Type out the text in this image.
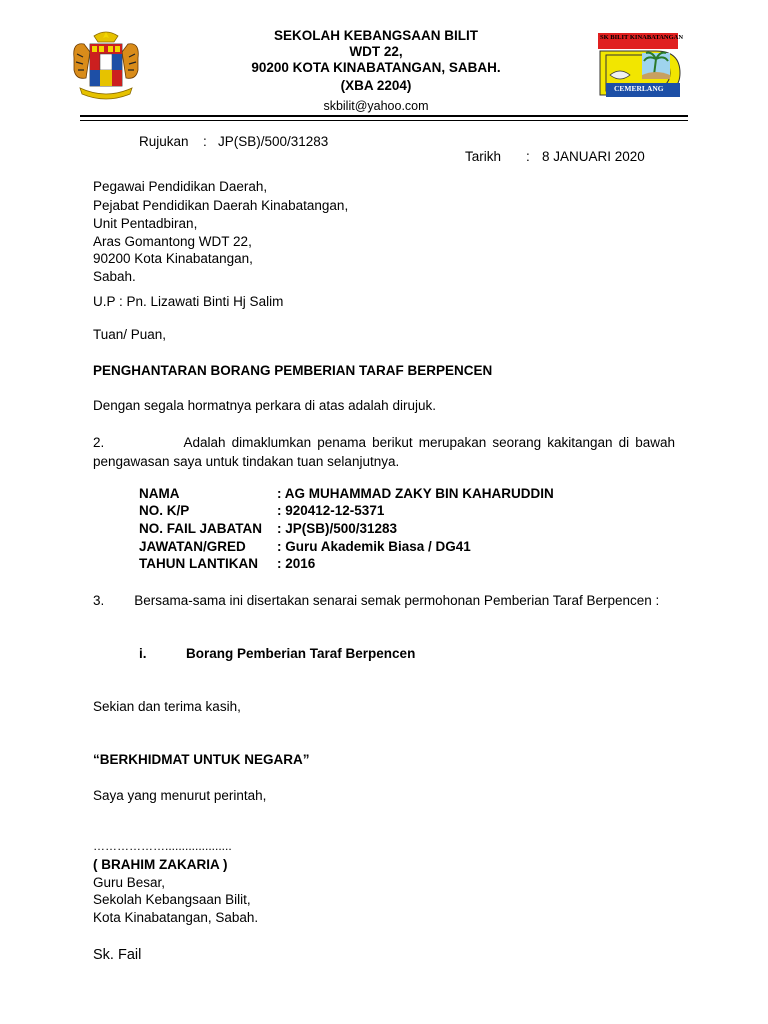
SEKOLAH KEBANGSAAN BILIT
WDT 22,
90200 KOTA KINABATANGAN, SABAH.
(XBA 2204)
skbilit@yahoo.com
SK BILIT KINABATANGAN
CEMERLANG
Rujukan : JP(SB)/500/31283
Tarikh : 8 JANUARI 2020
Pegawai Pendidikan Daerah,
Pejabat Pendidikan Daerah Kinabatangan,
Unit Pentadbiran,
Aras Gomantong WDT 22,
90200 Kota Kinabatangan,
Sabah.
U.P : Pn. Lizawati Binti Hj Salim
Tuan/ Puan,
PENGHANTARAN BORANG PEMBERIAN TARAF BERPENCEN
Dengan segala hormatnya perkara di atas adalah dirujuk.
2.             Adalah dimaklumkan penama berikut merupakan seorang kakitangan di bawah pengawasan saya untuk tindakan tuan selanjutnya.
NAMA	: AG MUHAMMAD ZAKY BIN KAHARUDDIN
NO. K/P	: 920412-12-5371
NO. FAIL JABATAN : JP(SB)/500/31283
JAWATAN/GRED : Guru Akademik Biasa / DG41
TAHUN LANTIKAN : 2016
3.        Bersama-sama ini disertakan senarai semak permohonan Pemberian Taraf Berpencen :
i.	Borang Pemberian Taraf Berpencen
Sekian dan terima kasih,
“BERKHIDMAT UNTUK NEGARA”
Saya yang menurut perintah,
………………....................
( BRAHIM ZAKARIA )
Guru Besar,
Sekolah Kebangsaan Bilit,
Kota Kinabatangan, Sabah.
Sk. Fail
